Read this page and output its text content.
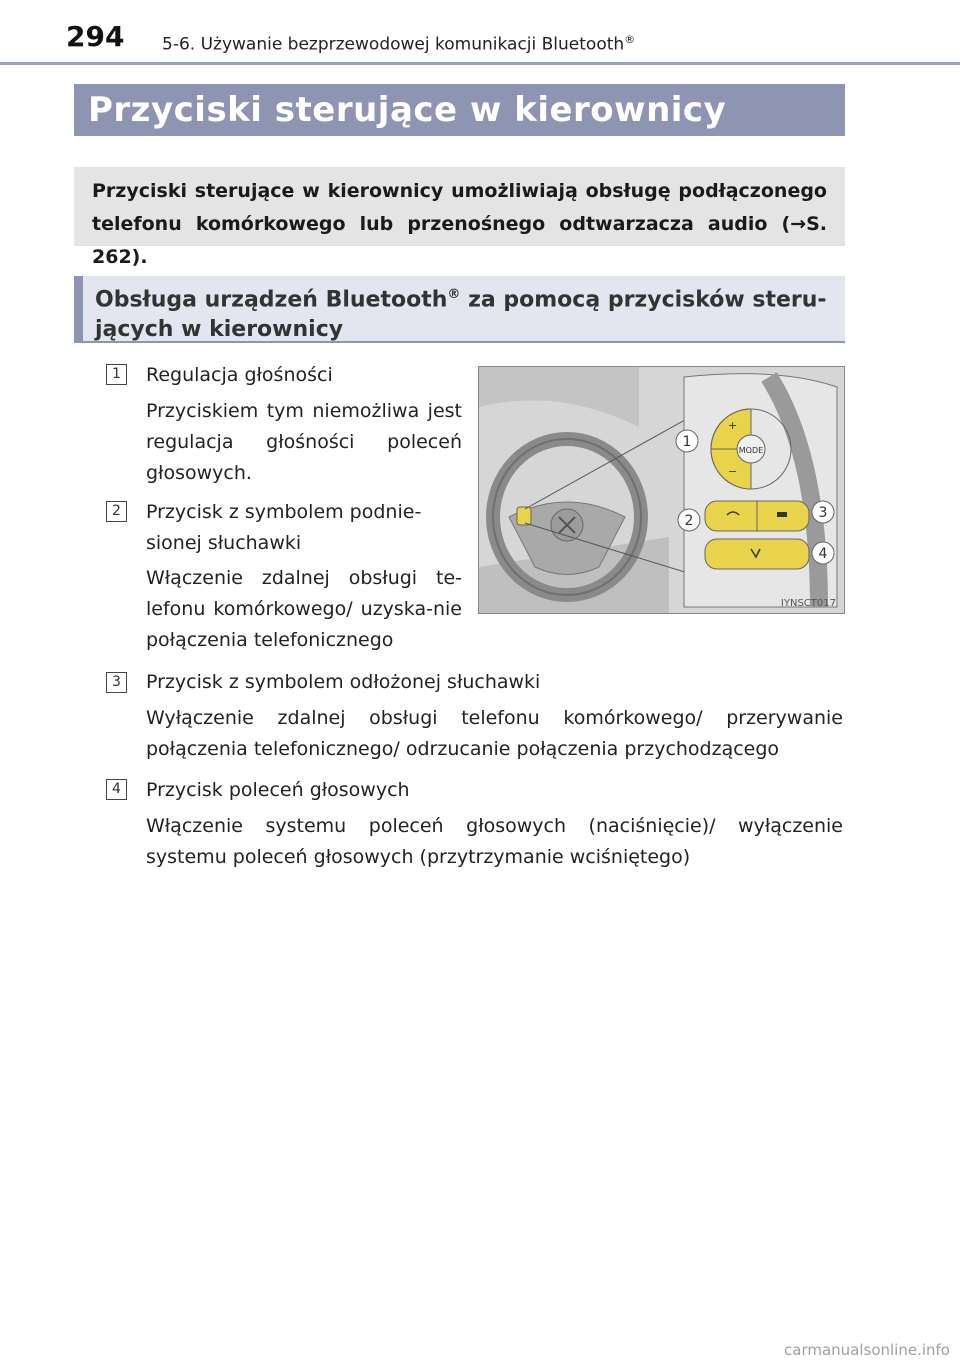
294 5-6. Używanie bezprzewodowej komunikacji Bluetooth®
Przyciski sterujące w kierownicy
Przyciski sterujące w kierownicy umożliwiają obsługę podłączonego telefonu komórkowego lub przenośnego odtwarzacza audio (→S. 262).
Obsługa urządzeń Bluetooth® za pomocą przycisków steru-
jących w kierownicy
1	Regulacja głośności
Przyciskiem tym niemożliwa jest regulacja głośności poleceń głosowych.
2	Przycisk z symbolem podnie-
sionej słuchawki
Włączenie zdalnej obsługi te-lefonu komórkowego/ uzyska-nie połączenia telefonicznego
MODE
+
−
1
2	3
4
IYNSCT017
3	Przycisk z symbolem odłożonej słuchawki
Wyłączenie zdalnej obsługi telefonu komórkowego/ przerywanie połączenia telefonicznego/ odrzucanie połączenia przychodzącego
4	Przycisk poleceń głosowych
Włączenie systemu poleceń głosowych (naciśnięcie)/ wyłączenie systemu poleceń głosowych (przytrzymanie wciśniętego)
carmanualsonline.info
